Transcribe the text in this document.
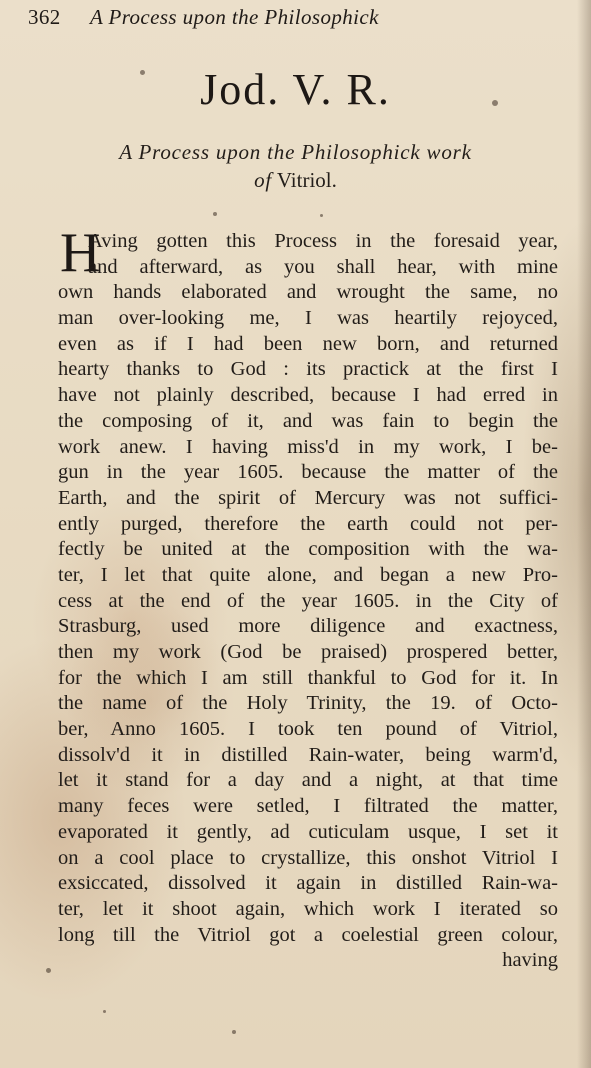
362 A Process upon the Philosophick
Jod. V. R.
A Process upon the Philosophick work
of Vitriol.
H
Aving gotten this Process in the foresaid year,
and afterward, as you shall hear, with mine
own hands elaborated and wrought the same, no
man over-looking me, I was heartily rejoyced,
even as if I had been new born, and returned
hearty thanks to God : its practick at the first I
have not plainly described, because I had erred in
the composing of it, and was fain to begin the
work anew. I having miss'd in my work, I be-
gun in the year 1605. because the matter of the
Earth, and the spirit of Mercury was not suffici-
ently purged, therefore the earth could not per-
fectly be united at the composition with the wa-
ter, I let that quite alone, and began a new Pro-
cess at the end of the year 1605. in the City of
Strasburg, used more diligence and exactness,
then my work (God be praised) prospered better,
for the which I am still thankful to God for it. In
the name of the Holy Trinity, the 19. of Octo-
ber, Anno 1605. I took ten pound of Vitriol,
dissolv'd it in distilled Rain-water, being warm'd,
let it stand for a day and a night, at that time
many feces were setled, I filtrated the matter,
evaporated it gently, ad cuticulam usque, I set it
on a cool place to crystallize, this onshot Vitriol I
exsiccated, dissolved it again in distilled Rain-wa-
ter, let it shoot again, which work I iterated so
long till the Vitriol got a coelestial green colour,
having
